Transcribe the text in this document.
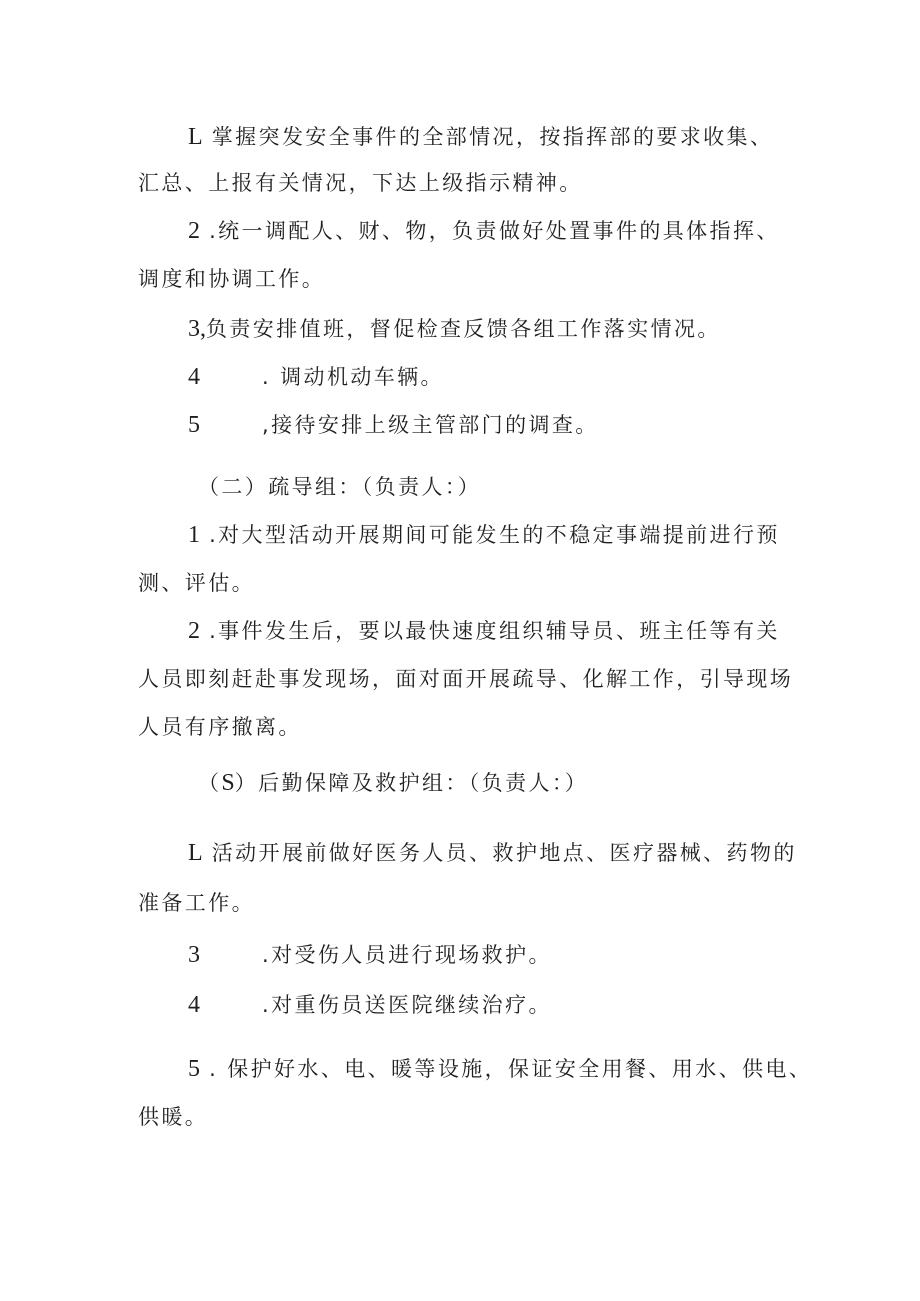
L 掌握突发安全事件的全部情况，按指挥部的要求收集、
汇总、上报有关情况，下达上级指示精神。
2 .统一调配人、财、物，负责做好处置事件的具体指挥、
调度和协调工作。
3,负责安排值班，督促检查反馈各组工作落实情况。
4	. 调动机动车辆。
5	,接待安排上级主管部门的调查。
（二）疏导组：（负责人：）
1 .对大型活动开展期间可能发生的不稳定事端提前进行预
测、评估。
2 .事件发生后，要以最快速度组织辅导员、班主任等有关
人员即刻赶赴事发现场，面对面开展疏导、化解工作，引导现场
人员有序撤离。
（S）后勤保障及救护组：（负责人：）
L 活动开展前做好医务人员、救护地点、医疗器械、药物的
准备工作。
3	.对受伤人员进行现场救护。
4	.对重伤员送医院继续治疗。
5 . 保护好水、电、暖等设施，保证安全用餐、用水、供电、
供暖。
